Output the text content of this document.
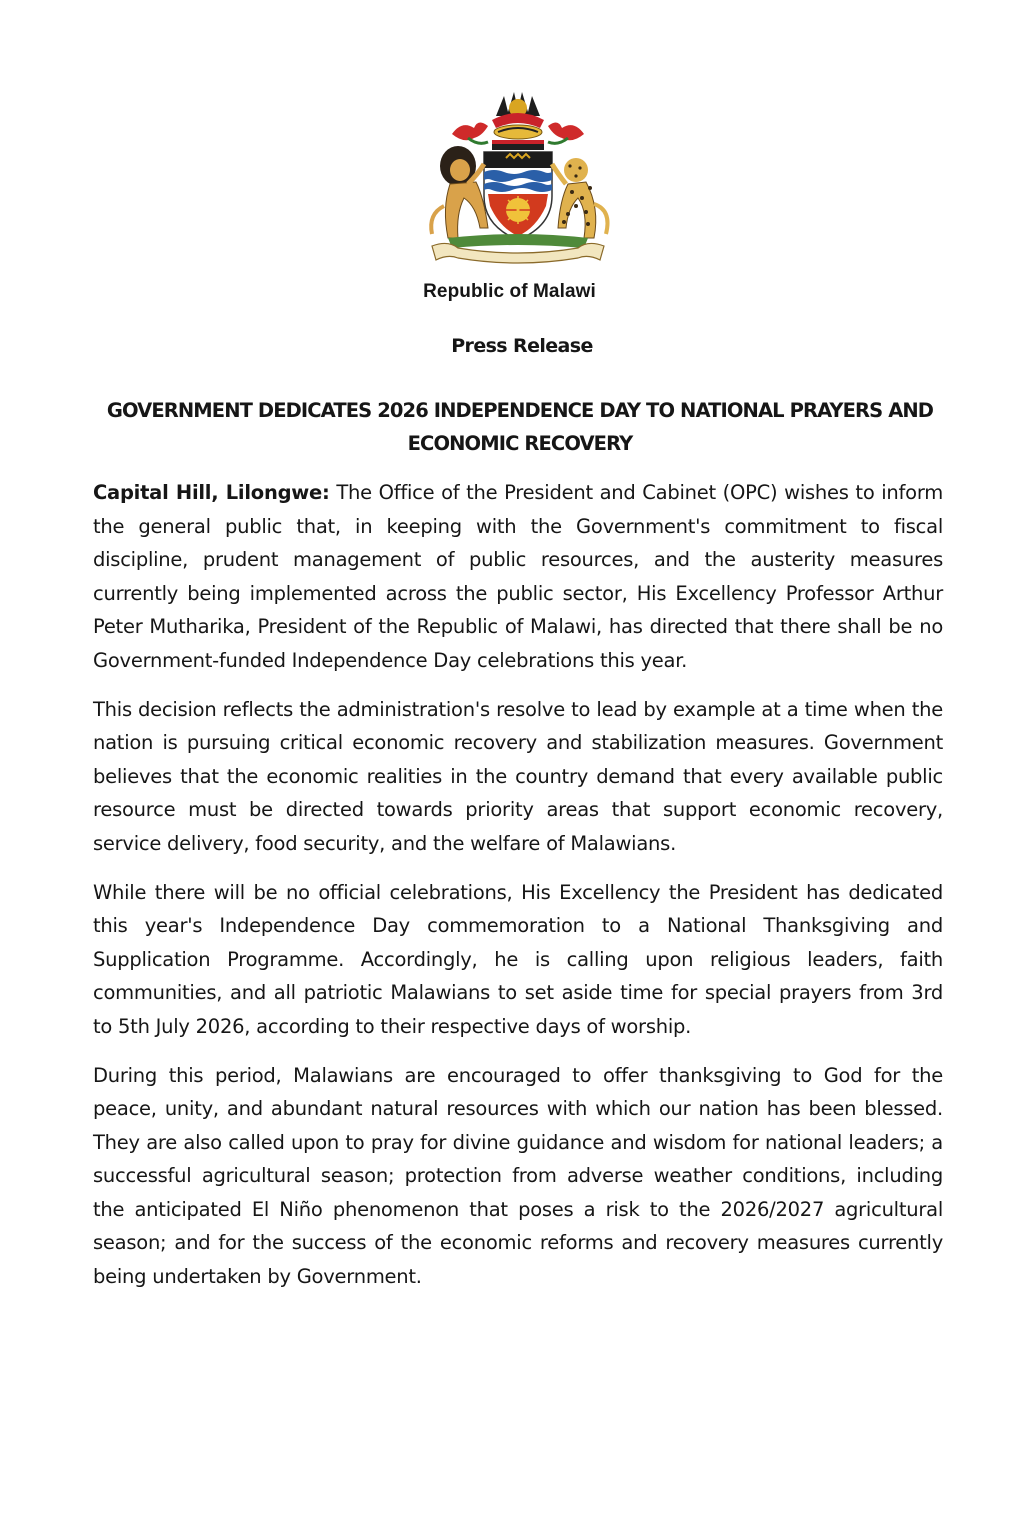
Republic of Malawi
Press Release
GOVERNMENT DEDICATES 2026 INDEPENDENCE DAY TO NATIONAL PRAYERS AND ECONOMIC RECOVERY

Capital Hill, Lilongwe: The Office of the President and Cabinet (OPC) wishes to inform the general public that, in keeping with the Government's commitment to fiscal discipline, prudent management of public resources, and the austerity measures currently being implemented across the public sector, His Excellency Professor Arthur Peter Mutharika, President of the Republic of Malawi, has directed that there shall be no Government-funded Independence Day celebrations this year.

This decision reflects the administration's resolve to lead by example at a time when the nation is pursuing critical economic recovery and stabilization measures. Government believes that the economic realities in the country demand that every available public resource must be directed towards priority areas that support economic recovery, service delivery, food security, and the welfare of Malawians.

While there will be no official celebrations, His Excellency the President has dedicated this year's Independence Day commemoration to a National Thanksgiving and Supplication Programme. Accordingly, he is calling upon religious leaders, faith communities, and all patriotic Malawians to set aside time for special prayers from 3rd to 5th July 2026, according to their respective days of worship.

During this period, Malawians are encouraged to offer thanksgiving to God for the peace, unity, and abundant natural resources with which our nation has been blessed. They are also called upon to pray for divine guidance and wisdom for national leaders; a successful agricultural season; protection from adverse weather conditions, including the anticipated El Niño phenomenon that poses a risk to the 2026/2027 agricultural season; and for the success of the economic reforms and recovery measures currently being undertaken by Government.
